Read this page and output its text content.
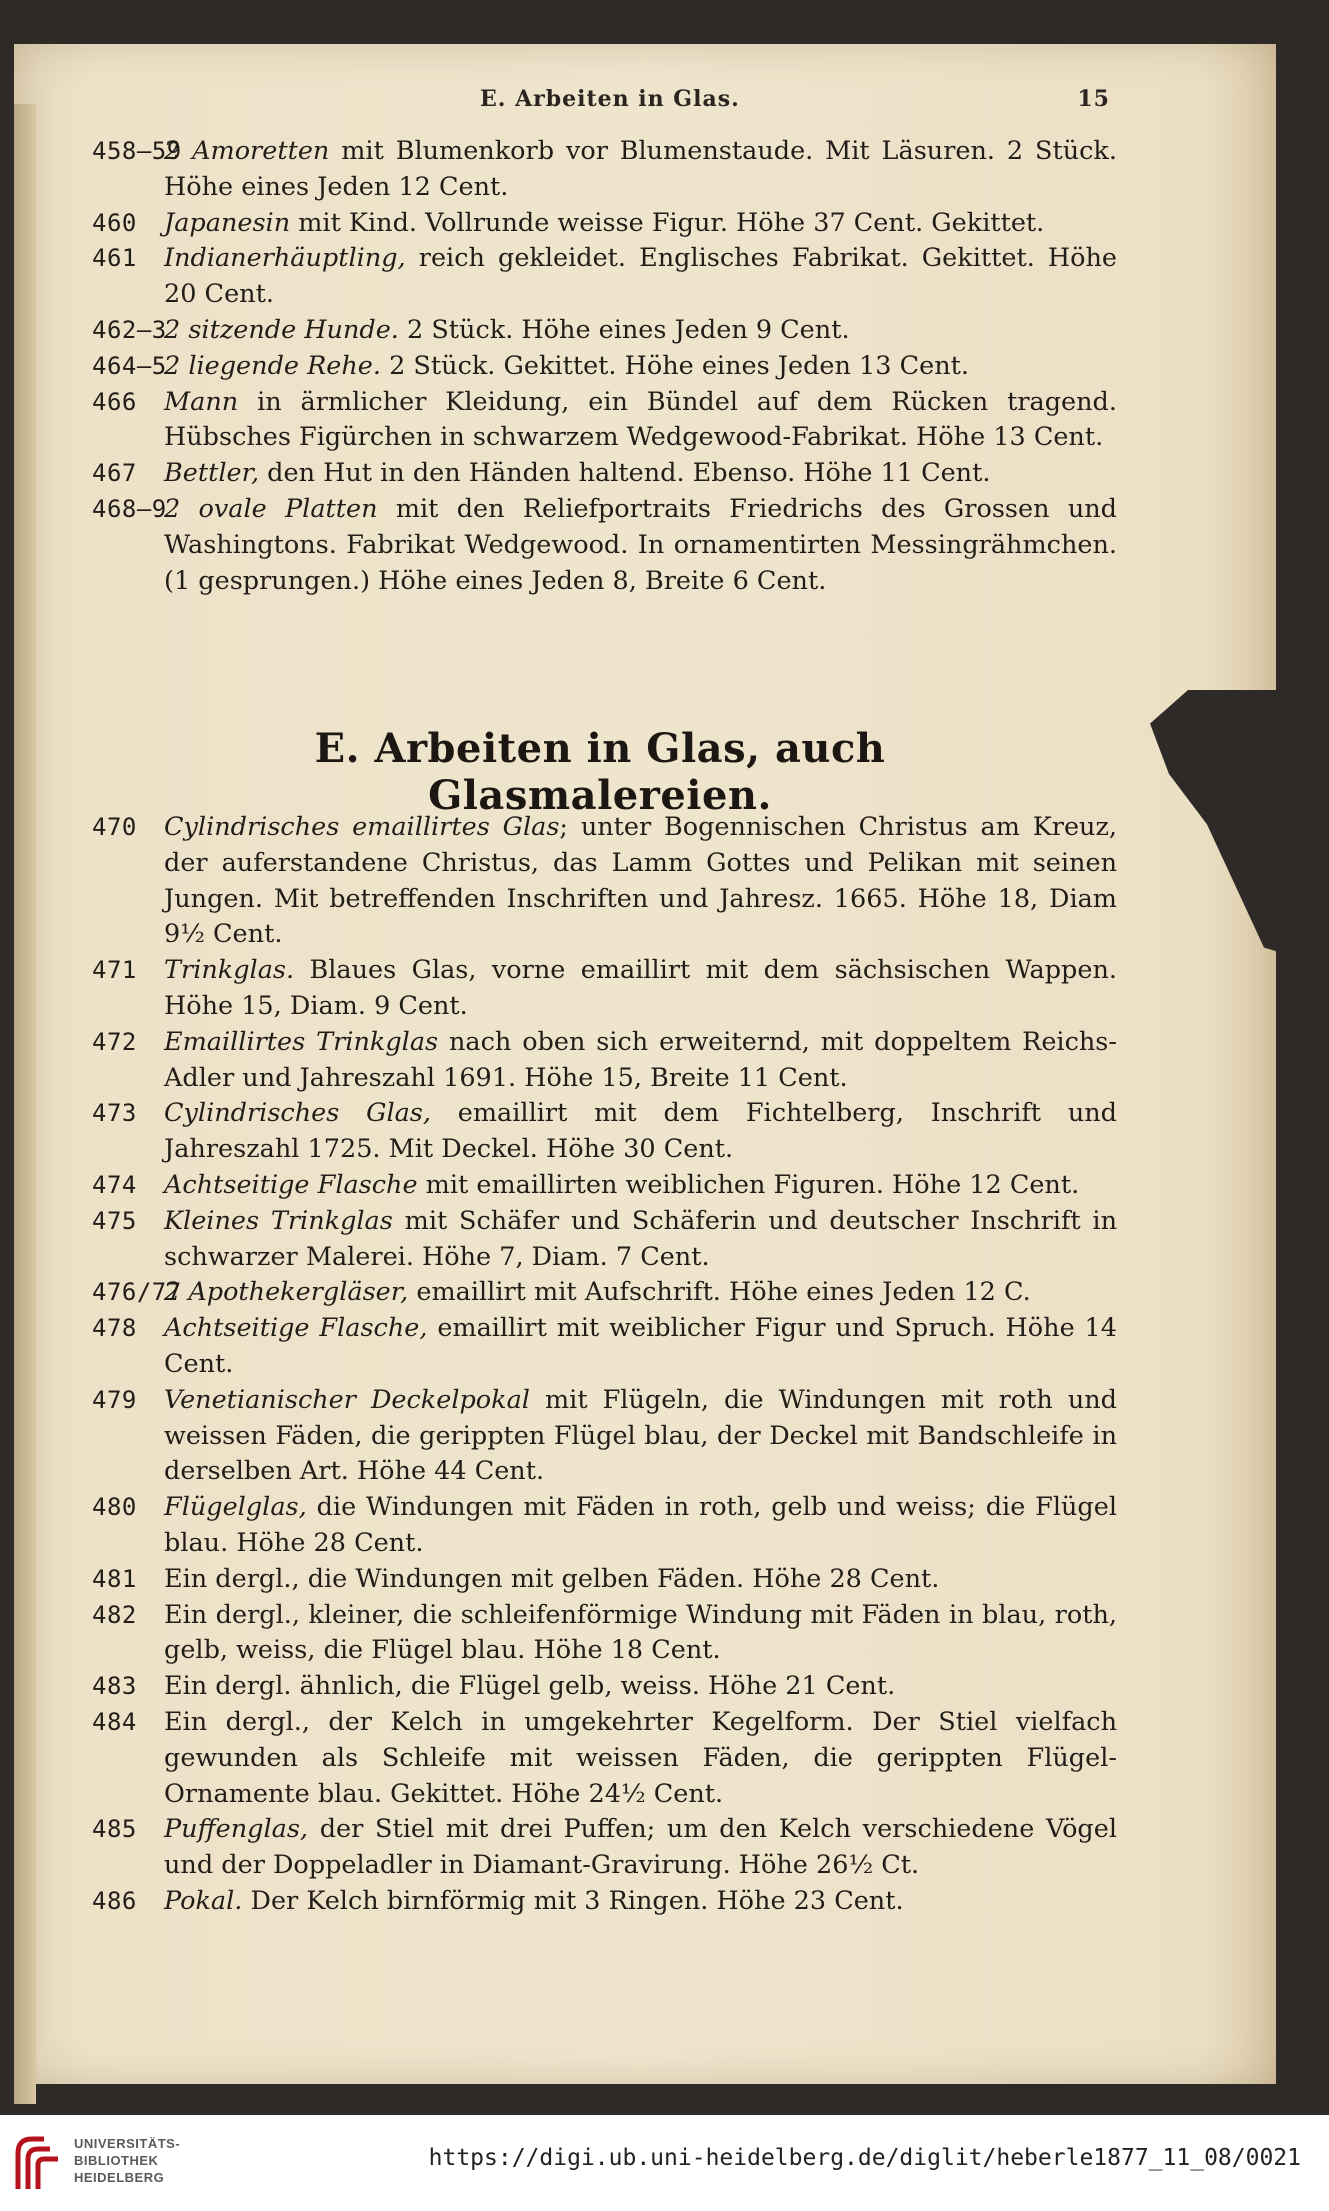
E. Arbeiten in Glas.	15
458—59
2 Amoretten mit Blumenkorb vor Blumenstaude. Mit Läsuren. 2 Stück. Höhe eines Jeden 12 Cent.
460 Japanesin mit Kind. Vollrunde weisse Figur. Höhe 37 Cent. Gekittet.
461 Indianerhäuptling, reich gekleidet. Englisches Fabrikat. Gekittet. Höhe 20 Cent.
462—3
2 sitzende Hunde. 2 Stück. Höhe eines Jeden 9 Cent.
464—5
2 liegende Rehe. 2 Stück. Gekittet. Höhe eines Jeden 13 Cent.
466 Mann in ärmlicher Kleidung, ein Bündel auf dem Rücken tragend. Hübsches Figürchen in schwarzem Wedgewood-Fabrikat. Höhe 13 Cent.
467 Bettler, den Hut in den Händen haltend. Ebenso. Höhe 11 Cent.
468—9
2 ovale Platten mit den Reliefportraits Friedrichs des Grossen und Washingtons. Fabrikat Wedgewood. In ornamentirten Messingrähmchen. (1 gesprungen.) Höhe eines Jeden 8, Breite 6 Cent.
E. Arbeiten in Glas, auch Glasmalereien.
470 Cylindrisches emaillirtes Glas; unter Bogennischen Christus am Kreuz, der auferstandene Christus, das Lamm Gottes und Pelikan mit seinen Jungen. Mit betreffenden Inschriften und Jahresz. 1665. Höhe 18, Diam 9½ Cent.
471 Trinkglas. Blaues Glas, vorne emaillirt mit dem sächsischen Wappen. Höhe 15, Diam. 9 Cent.
472 Emaillirtes Trinkglas nach oben sich erweiternd, mit doppeltem Reichs-Adler und Jahreszahl 1691. Höhe 15, Breite 11 Cent.
473 Cylindrisches Glas, emaillirt mit dem Fichtelberg, Inschrift und Jahreszahl 1725. Mit Deckel. Höhe 30 Cent.
474 Achtseitige Flasche mit emaillirten weiblichen Figuren. Höhe 12 Cent.
475 Kleines Trinkglas mit Schäfer und Schäferin und deutscher Inschrift in schwarzer Malerei. Höhe 7, Diam. 7 Cent.
476/77
2 Apothekergläser, emaillirt mit Aufschrift. Höhe eines Jeden 12 C.
478 Achtseitige Flasche, emaillirt mit weiblicher Figur und Spruch. Höhe 14 Cent.
479 Venetianischer Deckelpokal mit Flügeln, die Windungen mit roth und weissen Fäden, die gerippten Flügel blau, der Deckel mit Bandschleife in derselben Art. Höhe 44 Cent.
480 Flügelglas, die Windungen mit Fäden in roth, gelb und weiss; die Flügel blau. Höhe 28 Cent.
481 Ein dergl., die Windungen mit gelben Fäden. Höhe 28 Cent.
482 Ein dergl., kleiner, die schleifenförmige Windung mit Fäden in blau, roth, gelb, weiss, die Flügel blau. Höhe 18 Cent.
483 Ein dergl. ähnlich, die Flügel gelb, weiss. Höhe 21 Cent.
484 Ein dergl., der Kelch in umgekehrter Kegelform. Der Stiel vielfach gewunden als Schleife mit weissen Fäden, die gerippten Flügel-Ornamente blau. Gekittet. Höhe 24½ Cent.
485 Puffenglas, der Stiel mit drei Puffen; um den Kelch verschiedene Vögel und der Doppeladler in Diamant-Gravirung. Höhe 26½ Ct.
486 Pokal. Der Kelch birnförmig mit 3 Ringen. Höhe 23 Cent.
UNIVERSITÄTS-
BIBLIOTHEK
HEIDELBERG
https://digi.ub.uni-heidelberg.de/diglit/heberle1877_11_08/0021
